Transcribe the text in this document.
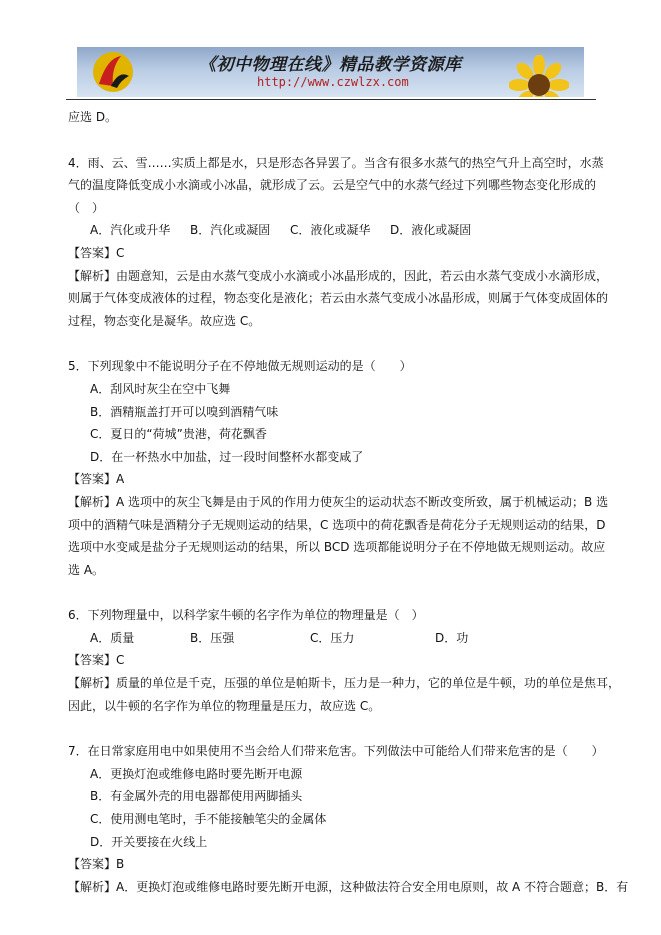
《初中物理在线》精品教学资源库
http://www.czwlzx.com

应选 D。

4．雨、云、雪……实质上都是水，只是形态各异罢了。当含有很多水蒸气的热空气升上高空时，水蒸

气的温度降低变成小水滴或小冰晶，就形成了云。云是空气中的水蒸气经过下列哪些物态变化形成的

（　）

A．汽化或升华	B．汽化或凝固	C．液化或凝华	D．液化或凝固

【答案】C

【解析】由题意知，云是由水蒸气变成小水滴或小冰晶形成的，因此，若云由水蒸气变成小水滴形成，

则属于气体变成液体的过程，物态变化是液化；若云由水蒸气变成小冰晶形成，则属于气体变成固体的

过程，物态变化是凝华。故应选 C。

5．下列现象中不能说明分子在不停地做无规则运动的是（　　）

A．刮风时灰尘在空中飞舞

B．酒精瓶盖打开可以嗅到酒精气味

C．夏日的“荷城”贵港，荷花飘香

D．在一杯热水中加盐，过一段时间整杯水都变咸了

【答案】A

【解析】A 选项中的灰尘飞舞是由于风的作用力使灰尘的运动状态不断改变所致，属于机械运动；B 选

项中的酒精气味是酒精分子无规则运动的结果，C 选项中的荷花飘香是荷花分子无规则运动的结果，D

选项中水变咸是盐分子无规则运动的结果，所以 BCD 选项都能说明分子在不停地做无规则运动。故应

选 A。

6．下列物理量中，以科学家牛顿的名字作为单位的物理量是（　）

A．质量	B．压强	C．压力	D．功

【答案】C

【解析】质量的单位是千克，压强的单位是帕斯卡，压力是一种力，它的单位是牛顿，功的单位是焦耳，

因此，以牛顿的名字作为单位的物理量是压力，故应选 C。

7．在日常家庭用电中如果使用不当会给人们带来危害。下列做法中可能给人们带来危害的是（　　）

A．更换灯泡或维修电路时要先断开电源

B．有金属外壳的用电器都使用两脚插头

C．使用测电笔时，手不能接触笔尖的金属体

D．开关要接在火线上

【答案】B

【解析】A．更换灯泡或维修电路时要先断开电源，这种做法符合安全用电原则，故 A 不符合题意；B．有
